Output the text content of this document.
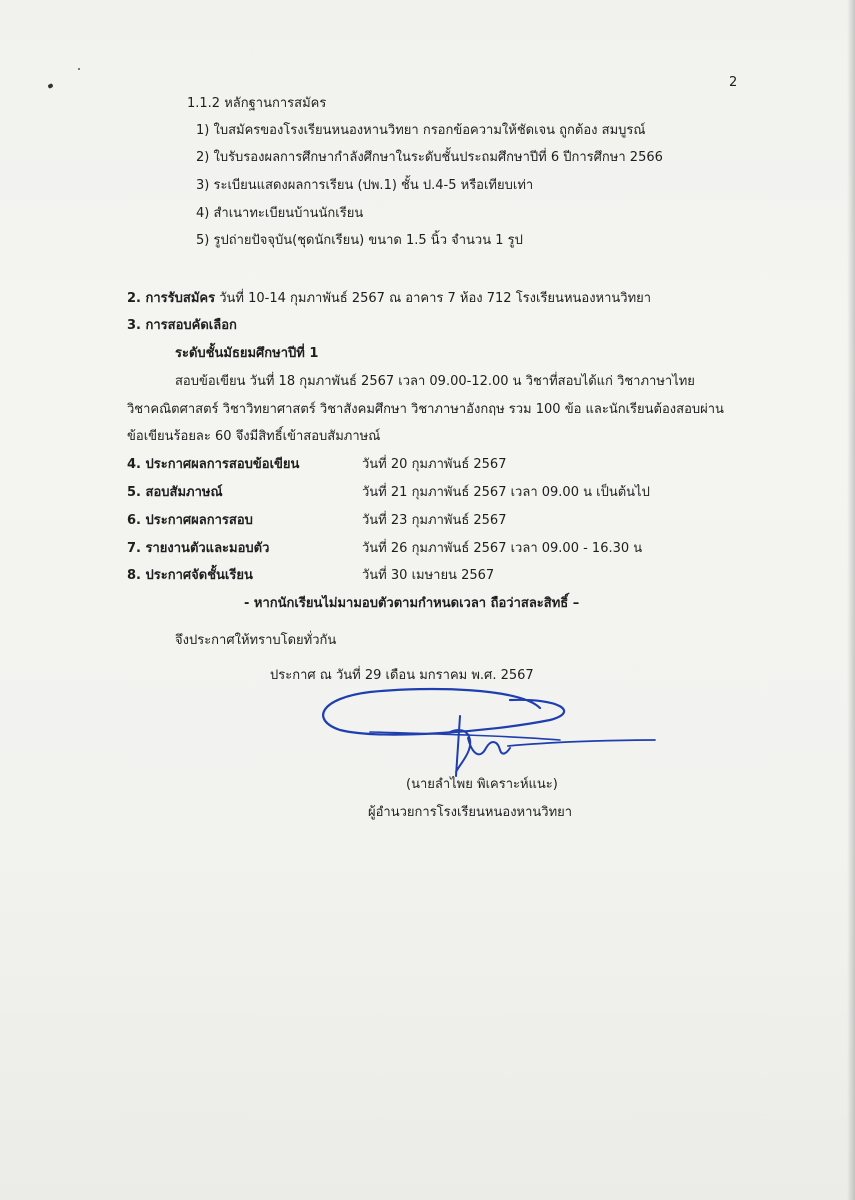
2
1.1.2 หลักฐานการสมัคร
1) ใบสมัครของโรงเรียนหนองหานวิทยา กรอกข้อความให้ชัดเจน ถูกต้อง สมบูรณ์
2) ใบรับรองผลการศึกษากำลังศึกษาในระดับชั้นประถมศึกษาปีที่ 6 ปีการศึกษา 2566
3) ระเบียนแสดงผลการเรียน (ปพ.1) ชั้น ป.4-5 หรือเทียบเท่า
4) สำเนาทะเบียนบ้านนักเรียน
5) รูปถ่ายปัจจุบัน(ชุดนักเรียน) ขนาด 1.5 นิ้ว จำนวน 1 รูป
2. การรับสมัคร วันที่ 10-14 กุมภาพันธ์ 2567 ณ อาคาร 7 ห้อง 712 โรงเรียนหนองหานวิทยา
3. การสอบคัดเลือก
ระดับชั้นมัธยมศึกษาปีที่ 1
สอบข้อเขียน วันที่ 18 กุมภาพันธ์ 2567 เวลา 09.00-12.00 น วิชาที่สอบได้แก่ วิชาภาษาไทย
วิชาคณิตศาสตร์ วิชาวิทยาศาสตร์ วิชาสังคมศึกษา วิชาภาษาอังกฤษ รวม 100 ข้อ และนักเรียนต้องสอบผ่าน
ข้อเขียนร้อยละ 60 จึงมีสิทธิ์เข้าสอบสัมภาษณ์
4. ประกาศผลการสอบข้อเขียน	วันที่ 20 กุมภาพันธ์ 2567
5. สอบสัมภาษณ์	วันที่ 21 กุมภาพันธ์ 2567 เวลา 09.00 น เป็นต้นไป
6. ประกาศผลการสอบ	วันที่ 23 กุมภาพันธ์ 2567
7. รายงานตัวและมอบตัว	วันที่ 26 กุมภาพันธ์ 2567 เวลา 09.00 - 16.30 น
8. ประกาศจัดชั้นเรียน	วันที่ 30 เมษายน 2567
- หากนักเรียนไม่มามอบตัวตามกำหนดเวลา ถือว่าสละสิทธิ์ –
จึงประกาศให้ทราบโดยทั่วกัน
ประกาศ ณ วันที่ 29 เดือน มกราคม พ.ศ. 2567
(นายลำไพย พิเคราะห์แนะ)
ผู้อำนวยการโรงเรียนหนองหานวิทยา
